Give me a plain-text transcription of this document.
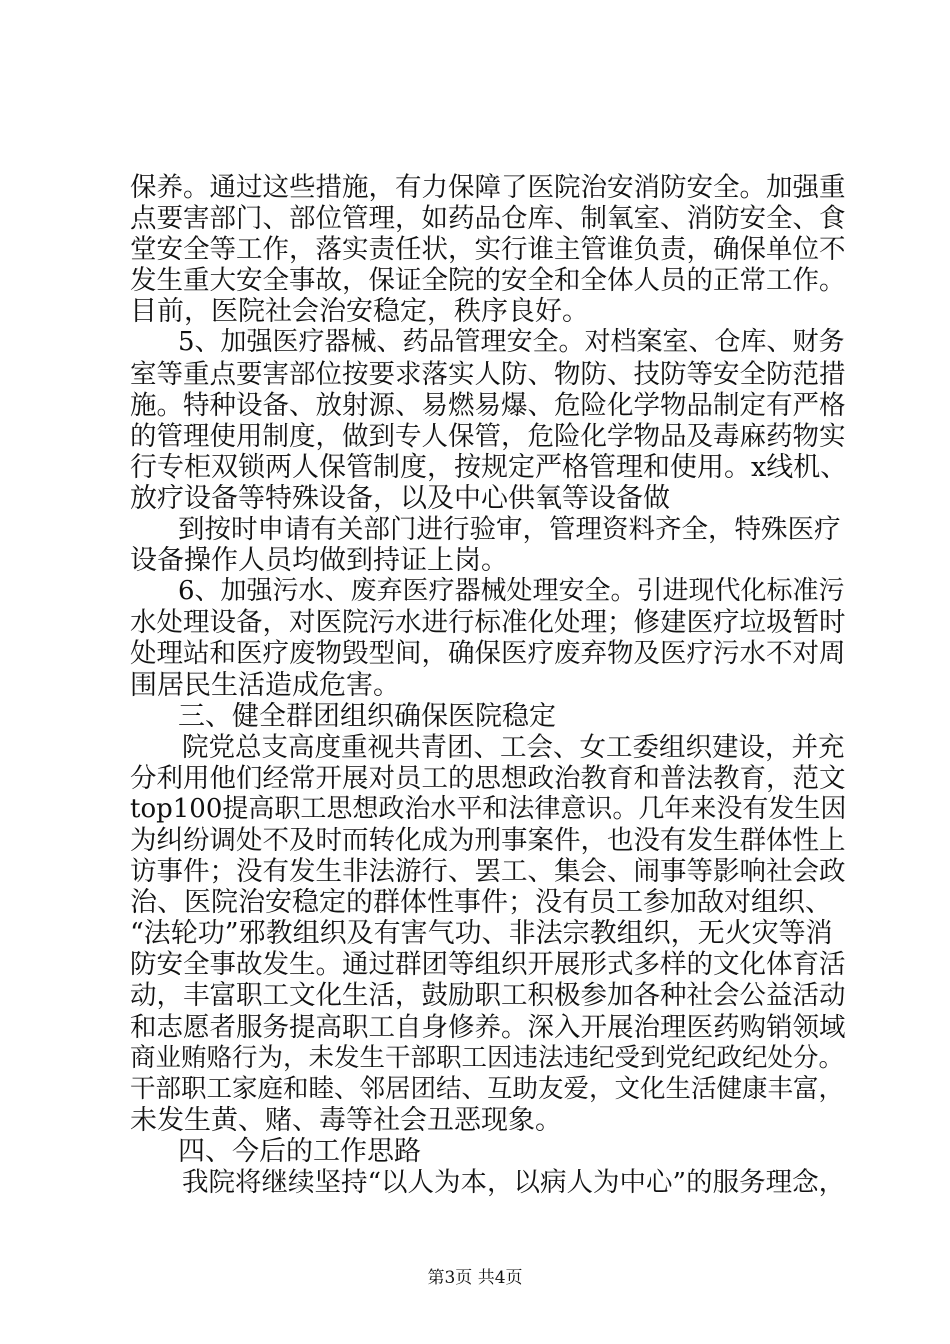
保养。通过这些措施，有力保障了医院治安消防安全。加强重
点要害部门、部位管理，如药品仓库、制氧室、消防安全、食
堂安全等工作，落实责任状，实行谁主管谁负责，确保单位不
发生重大安全事故，保证全院的安全和全体人员的正常工作。
目前，医院社会治安稳定，秩序良好。
5、加强医疗器械、药品管理安全。对档案室、仓库、财务
室等重点要害部位按要求落实人防、物防、技防等安全防范措
施。特种设备、放射源、易燃易爆、危险化学物品制定有严格
的管理使用制度，做到专人保管，危险化学物品及毒麻药物实
行专柜双锁两人保管制度，按规定严格管理和使用。x线机、
放疗设备等特殊设备，以及中心供氧等设备做
到按时申请有关部门进行验审，管理资料齐全，特殊医疗
设备操作人员均做到持证上岗。
6、加强污水、废弃医疗器械处理安全。引进现代化标准污
水处理设备，对医院污水进行标准化处理；修建医疗垃圾暂时
处理站和医疗废物毁型间，确保医疗废弃物及医疗污水不对周
围居民生活造成危害。
三、健全群团组织确保医院稳定
院党总支高度重视共青团、工会、女工委组织建设，并充
分利用他们经常开展对员工的思想政治教育和普法教育，范文
top100提高职工思想政治水平和法律意识。几年来没有发生因
为纠纷调处不及时而转化成为刑事案件，也没有发生群体性上
访事件；没有发生非法游行、罢工、集会、闹事等影响社会政
治、医院治安稳定的群体性事件；没有员工参加敌对组织、
“法轮功”邪教组织及有害气功、非法宗教组织，无火灾等消
防安全事故发生。通过群团等组织开展形式多样的文化体育活
动，丰富职工文化生活，鼓励职工积极参加各种社会公益活动
和志愿者服务提高职工自身修养。深入开展治理医药购销领域
商业贿赂行为，未发生干部职工因违法违纪受到党纪政纪处分。
干部职工家庭和睦、邻居团结、互助友爱，文化生活健康丰富，
未发生黄、赌、毒等社会丑恶现象。
四、今后的工作思路
我院将继续坚持“以人为本，以病人为中心”的服务理念，
第3页 共4页
